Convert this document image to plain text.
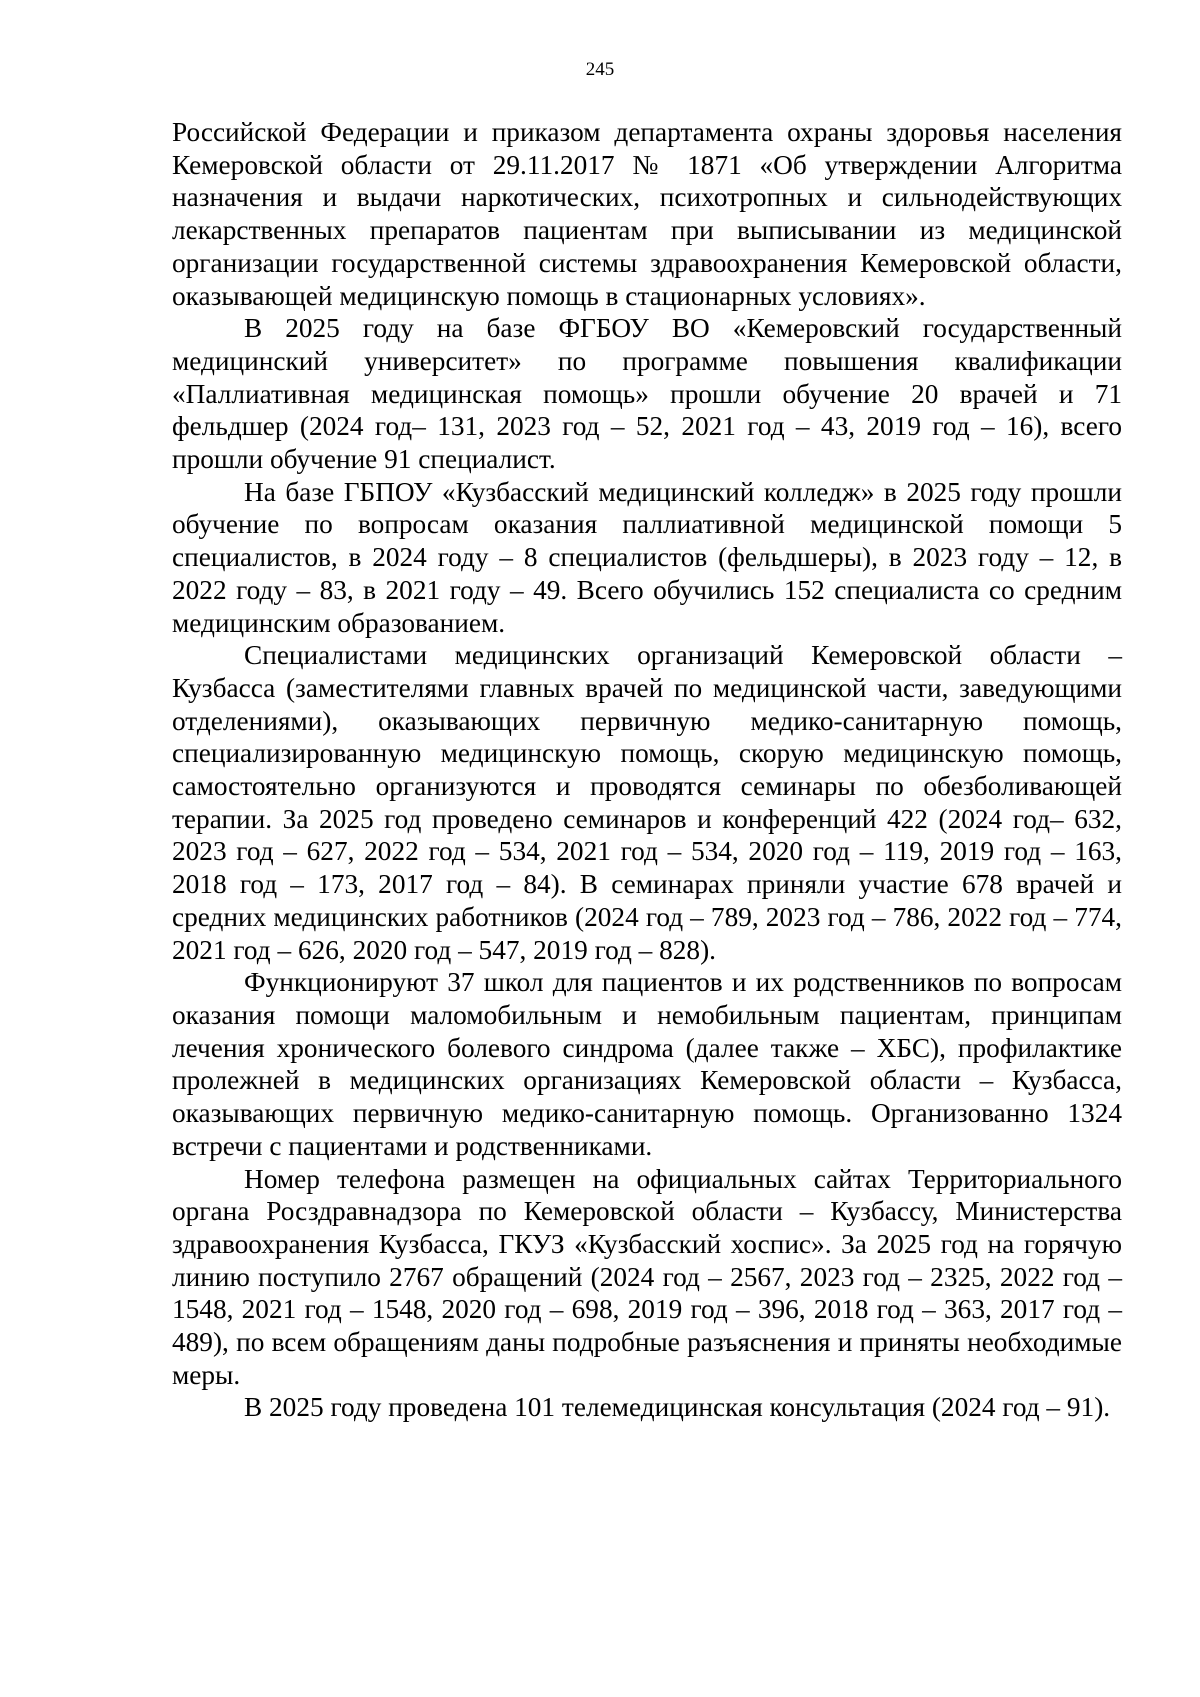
245

Российской Федерации и приказом департамента охраны здоровья населения Кемеровской области от 29.11.2017 № 1871 «Об утверждении Алгоритма назначения и выдачи наркотических, психотропных и сильнодействующих лекарственных препаратов пациентам при выписывании из медицинской организации государственной системы здравоохранения Кемеровской области, оказывающей медицинскую помощь в стационарных условиях».

В 2025 году на базе ФГБОУ ВО «Кемеровский государственный медицинский университет» по программе повышения квалификации «Паллиативная медицинская помощь» прошли обучение 20 врачей и 71 фельдшер (2024 год– 131, 2023 год – 52, 2021 год – 43, 2019 год – 16), всего прошли обучение 91 специалист.

На базе ГБПОУ «Кузбасский медицинский колледж» в 2025 году прошли обучение по вопросам оказания паллиативной медицинской помощи 5 специалистов, в 2024 году – 8 специалистов (фельдшеры), в 2023 году – 12, в 2022 году – 83, в 2021 году – 49. Всего обучились 152 специалиста со средним медицинским образованием.

Специалистами медицинских организаций Кемеровской области – Кузбасса (заместителями главных врачей по медицинской части, заведующими отделениями), оказывающих первичную медико-санитарную помощь, специализированную медицинскую помощь, скорую медицинскую помощь, самостоятельно организуются и проводятся семинары по обезболивающей терапии. За 2025 год проведено семинаров и конференций 422 (2024 год– 632, 2023 год – 627, 2022 год – 534, 2021 год – 534, 2020 год – 119, 2019 год – 163, 2018 год – 173, 2017 год – 84). В семинарах приняли участие 678 врачей и средних медицинских работников (2024 год – 789, 2023 год – 786, 2022 год – 774, 2021 год – 626, 2020 год – 547, 2019 год – 828).

Функционируют 37 школ для пациентов и их родственников по вопросам оказания помощи маломобильным и немобильным пациентам, принципам лечения хронического болевого синдрома (далее также – ХБС), профилактике пролежней в медицинских организациях Кемеровской области – Кузбасса, оказывающих первичную медико-санитарную помощь. Организованно 1324 встречи с пациентами и родственниками.

Номер телефона размещен на официальных сайтах Территориального органа Росздравнадзора по Кемеровской области – Кузбассу, Министерства здравоохранения Кузбасса, ГКУЗ «Кузбасский хоспис». За 2025 год на горячую линию поступило 2767 обращений (2024 год – 2567, 2023 год – 2325, 2022 год – 1548, 2021 год – 1548, 2020 год – 698, 2019 год – 396, 2018 год – 363, 2017 год – 489), по всем обращениям даны подробные разъяснения и приняты необходимые меры.

В 2025 году проведена 101 телемедицинская консультация (2024 год – 91).
